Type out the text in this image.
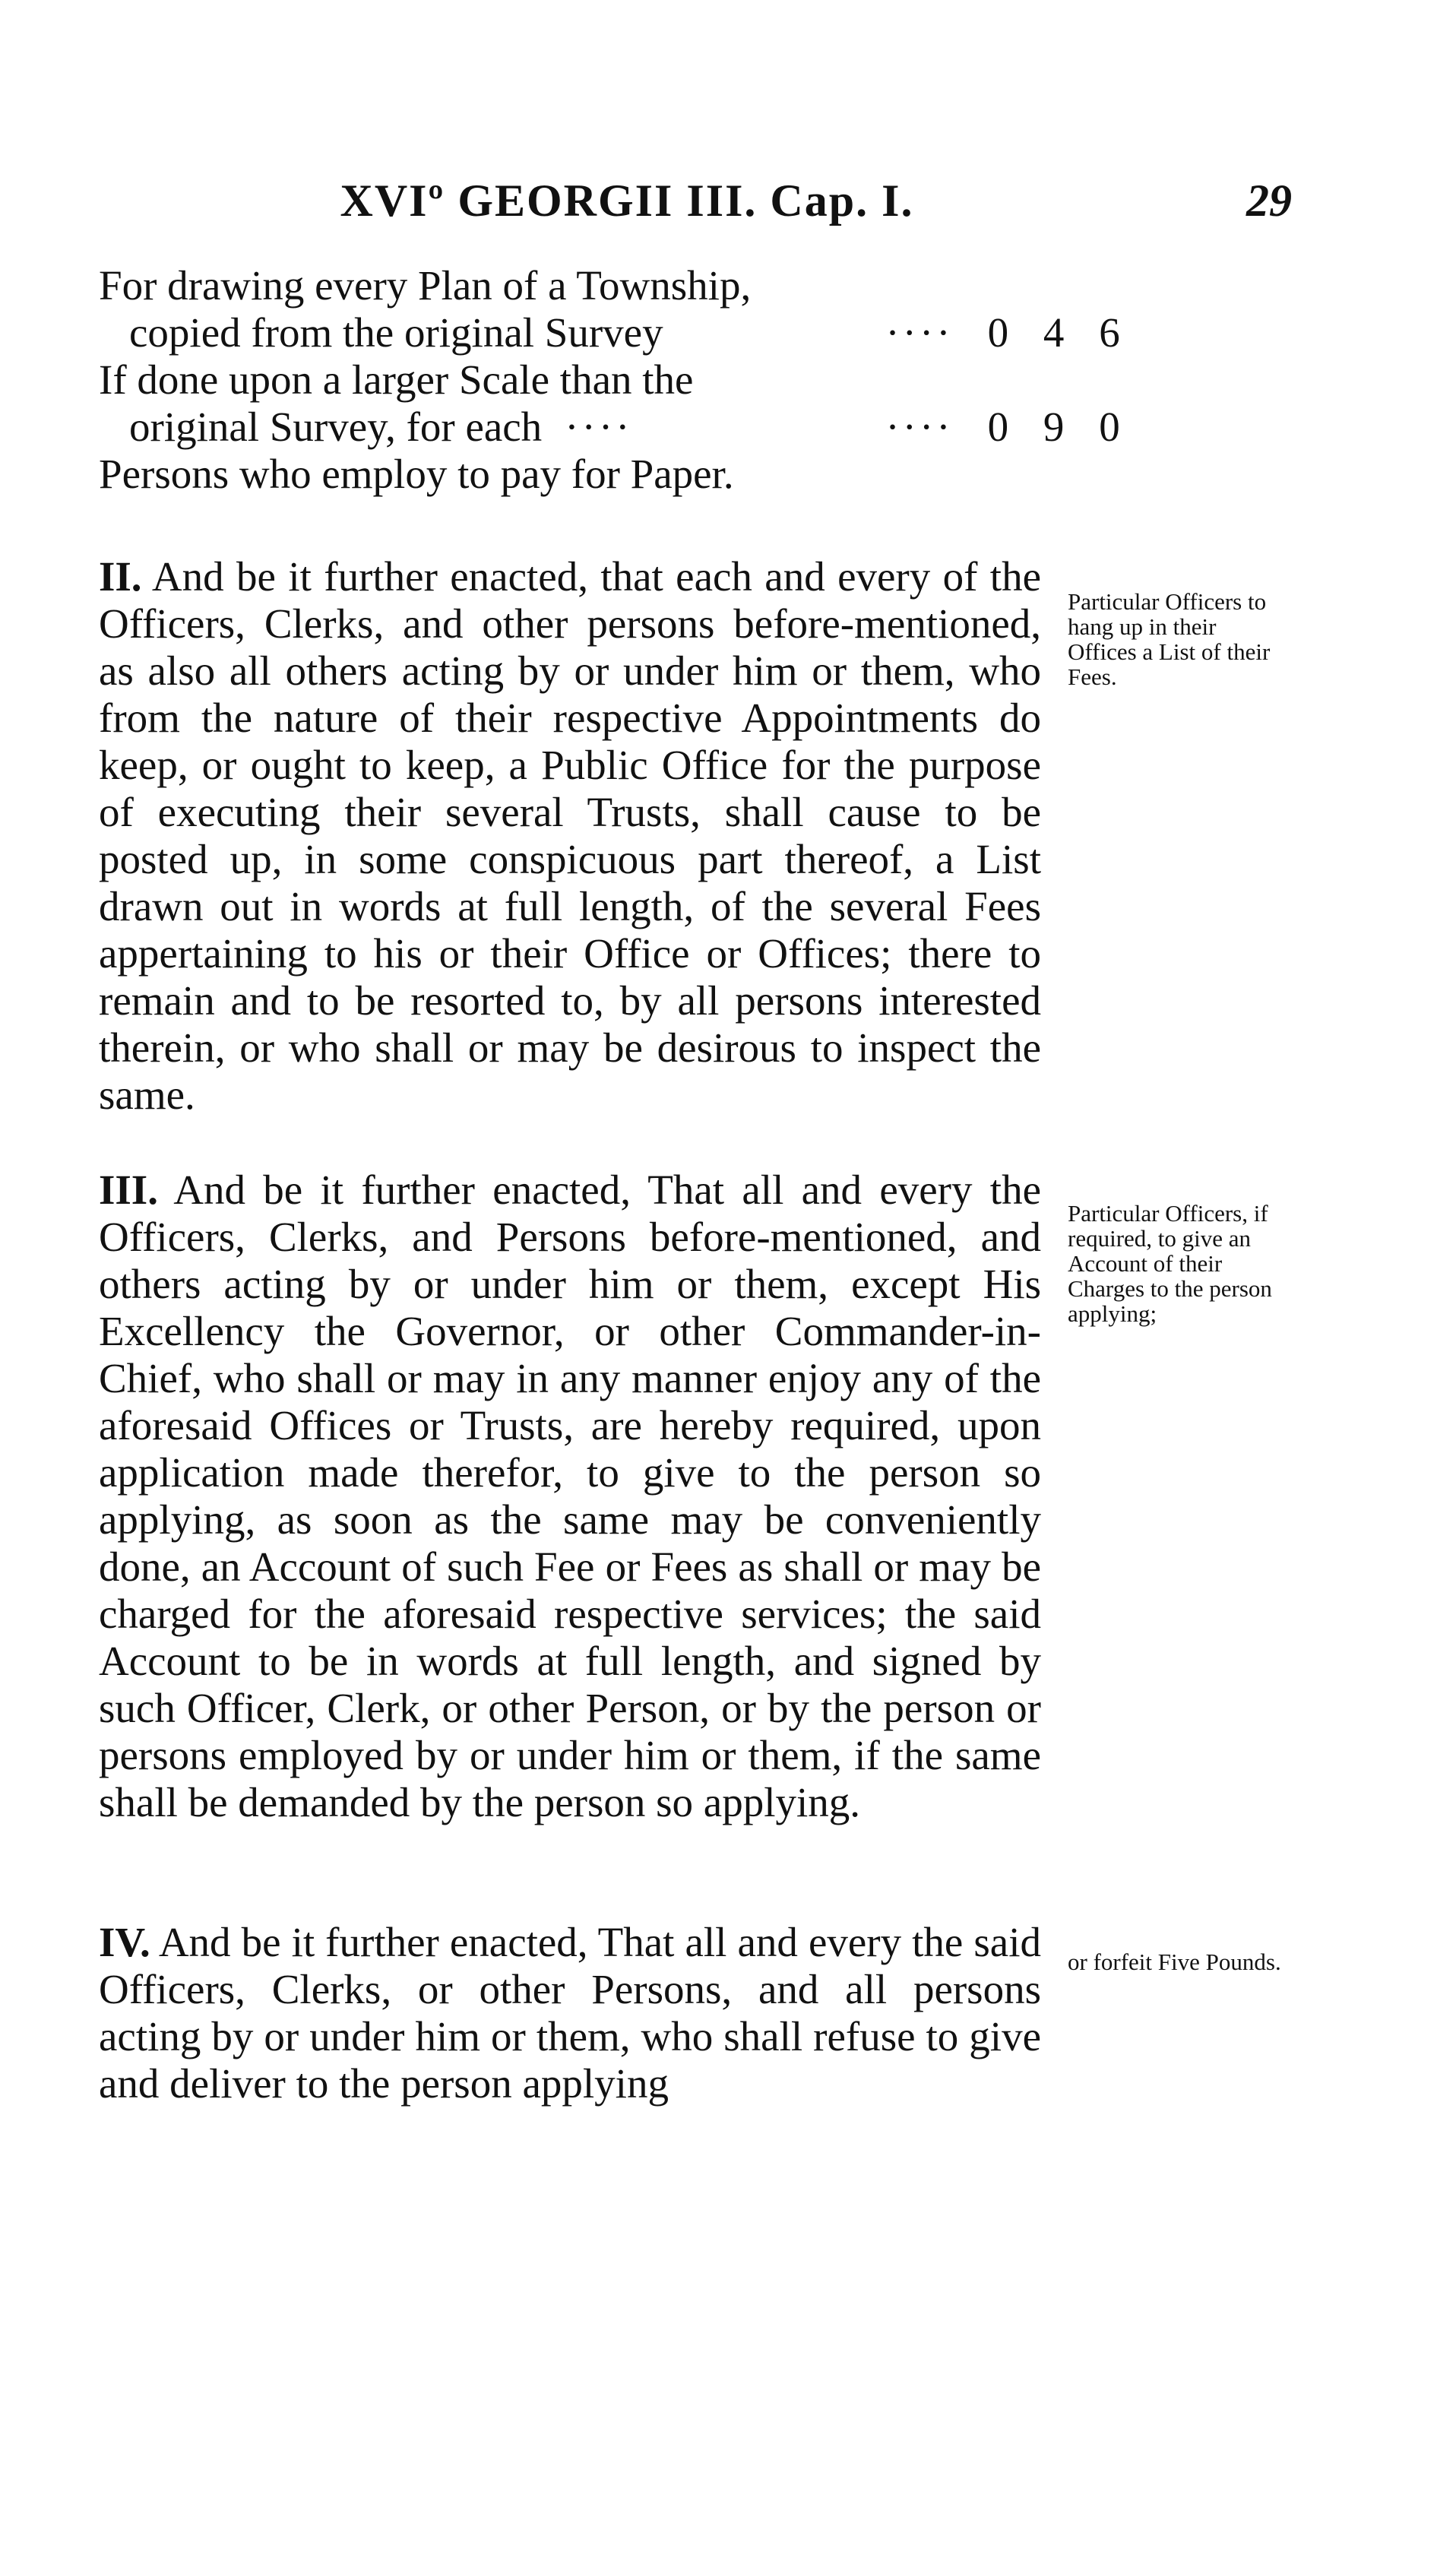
XVIº GEORGII III. Cap. I.	29
For drawing every Plan of a Township,
copied from the original Survey	···· 0 4 6
If done upon a larger Scale than the
original Survey, for each ····	···· 0 9 0
Persons who employ to pay for Paper.
II. And be it further enacted, that each and every of the Officers, Clerks, and other persons before-mentioned, as also all others acting by or under him or them, who from the nature of their respective Appointments do keep, or ought to keep, a Public Office for the purpose of executing their several Trusts, shall cause to be posted up, in some conspicuous part thereof, a List drawn out in words at full length, of the several Fees appertaining to his or their Office or Offices; there to remain and to be resorted to, by all persons interested therein, or who shall or may be desirous to inspect the same.
Particular Officers to hang up in their Offices a List of their Fees.
III. And be it further enacted, That all and every the Officers, Clerks, and Persons before-mentioned, and others acting by or under him or them, except His Excellency the Governor, or other Commander-in-Chief, who shall or may in any manner enjoy any of the aforesaid Offices or Trusts, are hereby required, upon application made therefor, to give to the person so applying, as soon as the same may be conveniently done, an Account of such Fee or Fees as shall or may be charged for the aforesaid respective services; the said Account to be in words at full length, and signed by such Officer, Clerk, or other Person, or by the person or persons employed by or under him or them, if the same shall be demanded by the person so applying.
Particular Officers, if required, to give an Account of their Charges to the person applying;
IV. And be it further enacted, That all and every the said Officers, Clerks, or other Persons, and all persons acting by or under him or them, who shall refuse to give and deliver to the person applying
or forfeit Five Pounds.
